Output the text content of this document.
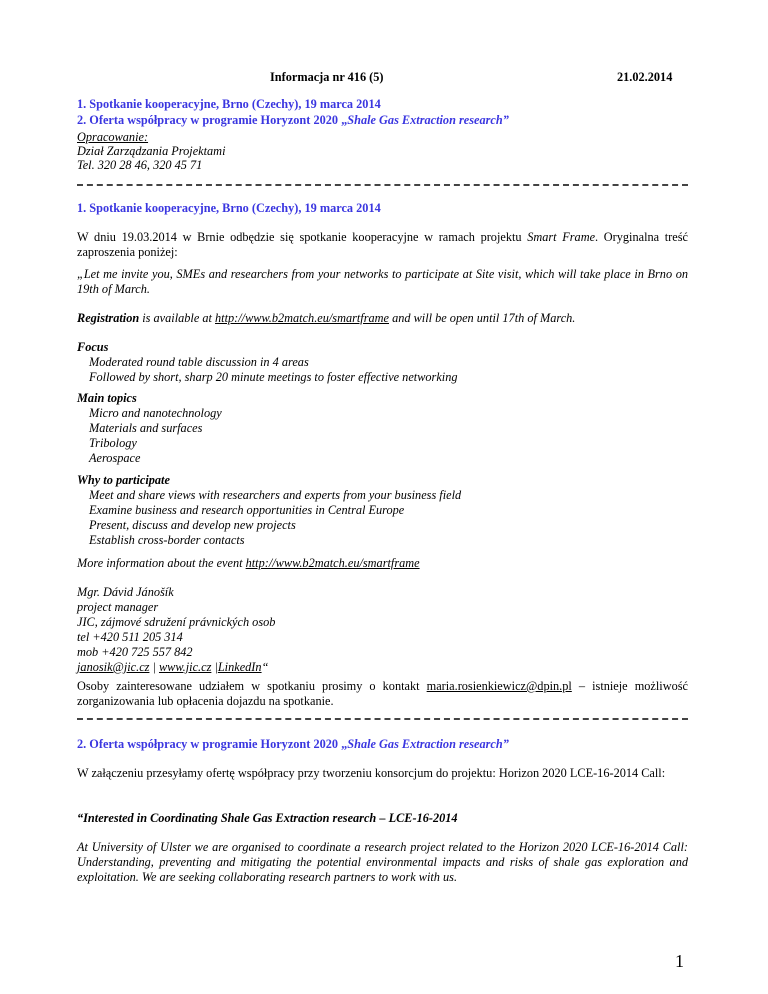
Informacja nr 416 (5)	21.02.2014
1. Spotkanie kooperacyjne, Brno (Czechy), 19 marca 2014
2. Oferta współpracy w programie Horyzont 2020 „Shale Gas Extraction research”
Opracowanie:
Dział Zarządzania Projektami
Tel. 320 28 46, 320 45 71
1. Spotkanie kooperacyjne, Brno (Czechy), 19 marca 2014

W dniu 19.03.2014 w Brnie odbędzie się spotkanie kooperacyjne w ramach projektu Smart Frame. Oryginalna treść zaproszenia poniżej:

„Let me invite you, SMEs and researchers from your networks to participate at Site visit, which will take place in Brno on 19th of March.

Registration is available at http://www.b2match.eu/smartframe and will be open until 17th of March.

Focus
Moderated round table discussion in 4 areas
Followed by short, sharp 20 minute meetings to foster effective networking
Main topics
Micro and nanotechnology
Materials and surfaces
Tribology
Aerospace
Why to participate
Meet and share views with researchers and experts from your business field
Examine business and research opportunities in Central Europe
Present, discuss and develop new projects
Establish cross-border contacts

More information about the event http://www.b2match.eu/smartframe

Mgr. Dávid Jánošík
project manager
JIC, zájmové sdružení právnických osob
tel +420 511 205 314
mob +420 725 557 842
janosik@jic.cz | www.jic.cz |LinkedIn“

Osoby zainteresowane udziałem w spotkaniu prosimy o kontakt maria.rosienkiewicz@dpin.pl – istnieje możliwość zorganizowania lub opłacenia dojazdu na spotkanie.

2. Oferta współpracy w programie Horyzont 2020 „Shale Gas Extraction research”

W załączeniu przesyłamy ofertę współpracy przy tworzeniu konsorcjum do projektu: Horizon 2020 LCE-16-2014 Call:

“Interested in Coordinating Shale Gas Extraction research – LCE-16-2014

At University of Ulster we are organised to coordinate a research project related to the Horizon 2020 LCE-16-2014 Call: Understanding, preventing and mitigating the potential environmental impacts and risks of shale gas exploration and exploitation. We are seeking collaborating research partners to work with us.

1
